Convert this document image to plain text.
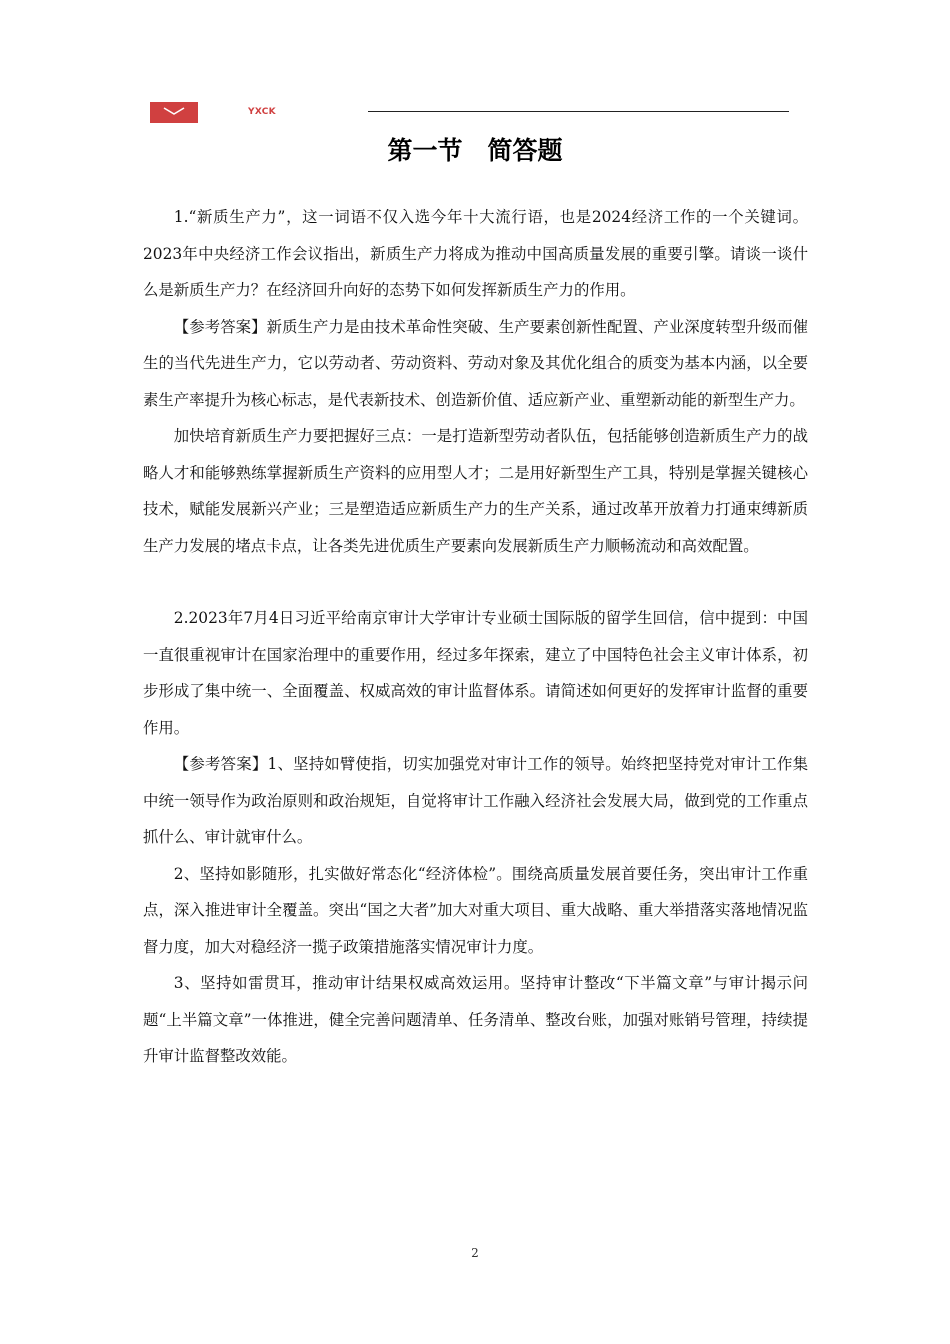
YXCK
第一节　简答题

1.“新质生产力”，这一词语不仅入选今年十大流行语，也是2024经济工作的一个关键词。2023年中央经济工作会议指出，新质生产力将成为推动中国高质量发展的重要引擎。请谈一谈什么是新质生产力？在经济回升向好的态势下如何发挥新质生产力的作用。

【参考答案】新质生产力是由技术革命性突破、生产要素创新性配置、产业深度转型升级而催生的当代先进生产力，它以劳动者、劳动资料、劳动对象及其优化组合的质变为基本内涵，以全要素生产率提升为核心标志，是代表新技术、创造新价值、适应新产业、重塑新动能的新型生产力。

加快培育新质生产力要把握好三点：一是打造新型劳动者队伍，包括能够创造新质生产力的战略人才和能够熟练掌握新质生产资料的应用型人才；二是用好新型生产工具，特别是掌握关键核心技术，赋能发展新兴产业；三是塑造适应新质生产力的生产关系，通过改革开放着力打通束缚新质生产力发展的堵点卡点，让各类先进优质生产要素向发展新质生产力顺畅流动和高效配置。

2.2023年7月4日习近平给南京审计大学审计专业硕士国际版的留学生回信，信中提到：中国一直很重视审计在国家治理中的重要作用，经过多年探索，建立了中国特色社会主义审计体系，初步形成了集中统一、全面覆盖、权威高效的审计监督体系。请简述如何更好的发挥审计监督的重要作用。

【参考答案】1、坚持如臂使指，切实加强党对审计工作的领导。始终把坚持党对审计工作集中统一领导作为政治原则和政治规矩，自觉将审计工作融入经济社会发展大局，做到党的工作重点抓什么、审计就审什么。

2、坚持如影随形，扎实做好常态化“经济体检”。围绕高质量发展首要任务，突出审计工作重点，深入推进审计全覆盖。突出“国之大者”加大对重大项目、重大战略、重大举措落实落地情况监督力度，加大对稳经济一揽子政策措施落实情况审计力度。

3、坚持如雷贯耳，推动审计结果权威高效运用。坚持审计整改“下半篇文章”与审计揭示问题“上半篇文章”一体推进，健全完善问题清单、任务清单、整改台账，加强对账销号管理，持续提升审计监督整改效能。

2
